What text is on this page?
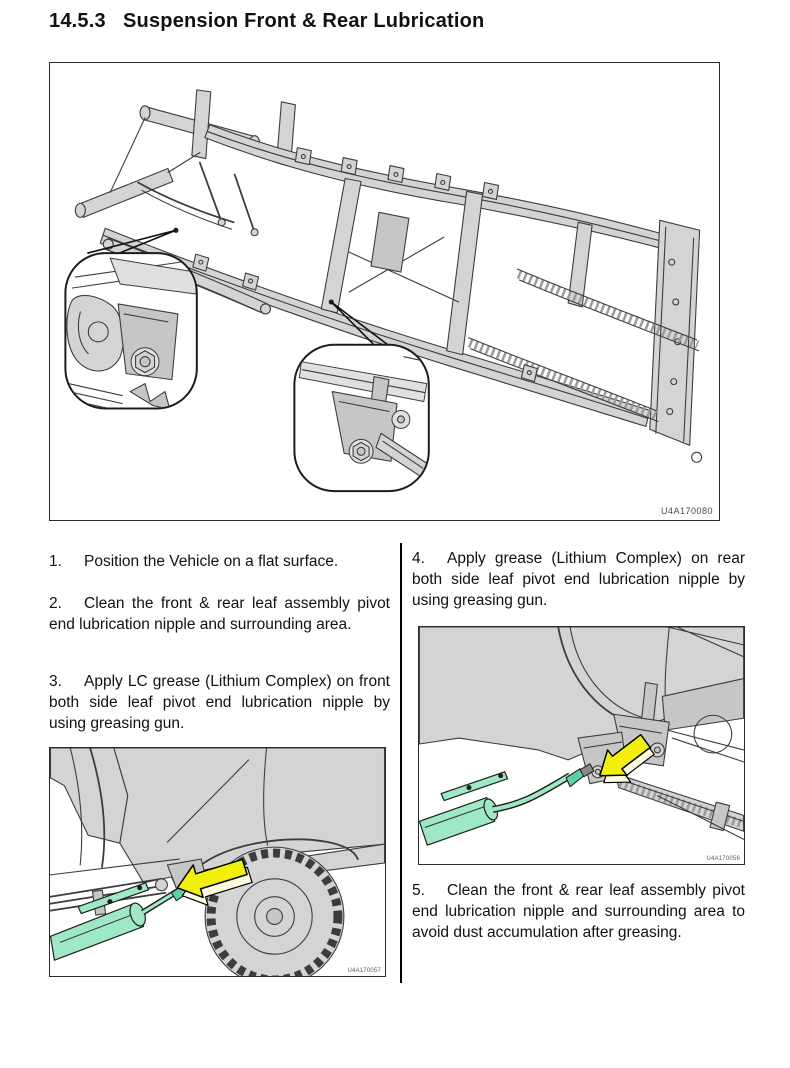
14.5.3 Suspension Front & Rear Lubrication
U4A170080
1. Position the Vehicle on a flat surface.
2. Clean the front & rear leaf assembly pivot end lubrication nipple and surrounding area.
3. Apply LC grease (Lithium Complex) on front both side leaf pivot end lubrication nipple by using greasing gun.
4. Apply grease (Lithium Complex) on rear both side leaf pivot end lubrication nipple by using greasing gun.
5. Clean the front & rear leaf assembly pivot end lubrication nipple and surrounding area to avoid dust accumulation after greasing.
U4A170057
U4A170056
